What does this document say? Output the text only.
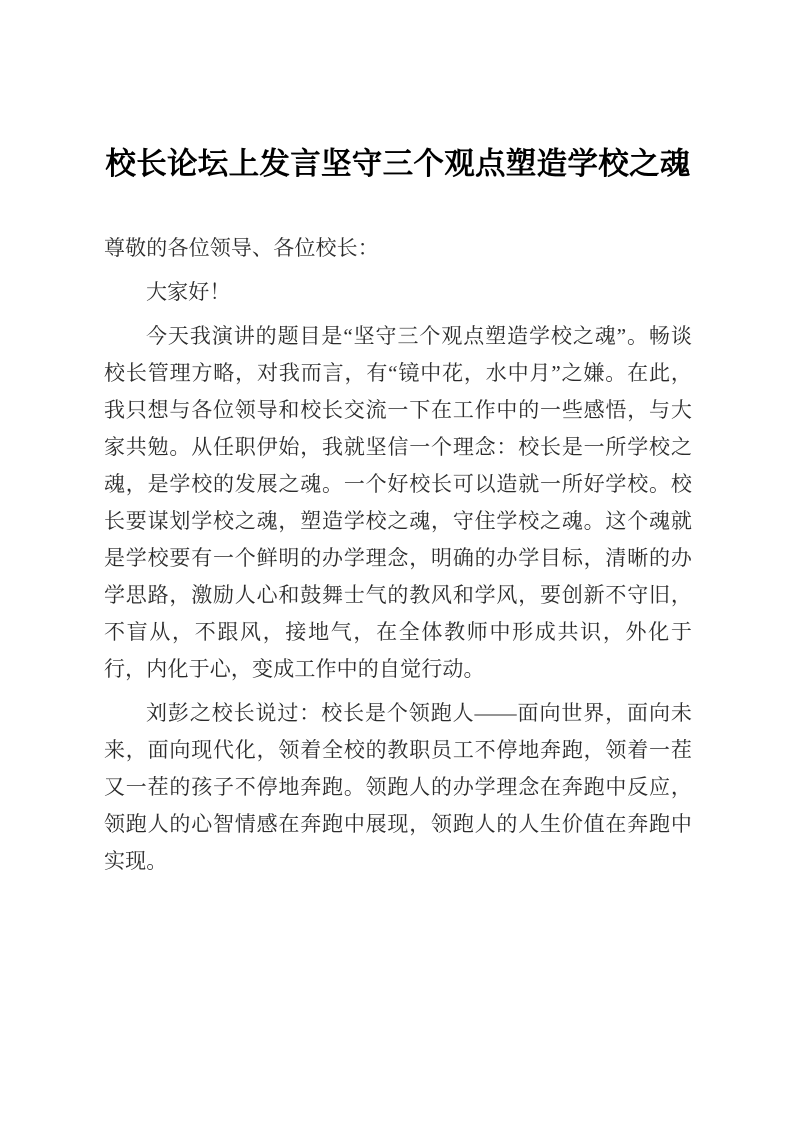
校长论坛上发言坚守三个观点塑造学校之魂

尊敬的各位领导、各位校长：

大家好！

今天我演讲的题目是“坚守三个观点塑造学校之魂”。畅谈校长管理方略，对我而言，有“镜中花，水中月”之嫌。在此，我只想与各位领导和校长交流一下在工作中的一些感悟，与大家共勉。从任职伊始，我就坚信一个理念：校长是一所学校之魂，是学校的发展之魂。一个好校长可以造就一所好学校。校长要谋划学校之魂，塑造学校之魂，守住学校之魂。这个魂就是学校要有一个鲜明的办学理念，明确的办学目标，清晰的办学思路，激励人心和鼓舞士气的教风和学风，要创新不守旧，不盲从，不跟风，接地气，在全体教师中形成共识，外化于行，内化于心，变成工作中的自觉行动。

刘彭之校长说过：校长是个领跑人——面向世界，面向未来，面向现代化，领着全校的教职员工不停地奔跑，领着一茬又一茬的孩子不停地奔跑。领跑人的办学理念在奔跑中反应，领跑人的心智情感在奔跑中展现，领跑人的人生价值在奔跑中实现。
